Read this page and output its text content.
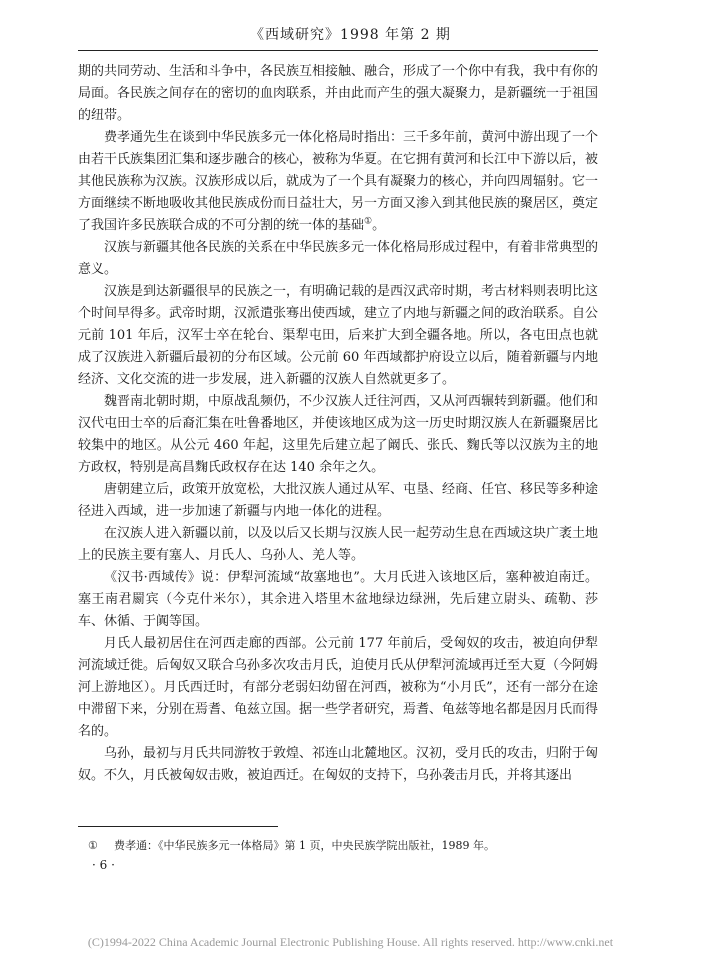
《西域研究》1998 年第 2 期

期的共同劳动、生活和斗争中，各民族互相接触、融合，形成了一个你中有我，我中有你的局面。各民族之间存在的密切的血肉联系，并由此而产生的强大凝聚力，是新疆统一于祖国的纽带。

费孝通先生在谈到中华民族多元一体化格局时指出：三千多年前，黄河中游出现了一个由若干氏族集团汇集和逐步融合的核心，被称为华夏。在它拥有黄河和长江中下游以后，被其他民族称为汉族。汉族形成以后，就成为了一个具有凝聚力的核心，并向四周辐射。它一方面继续不断地吸收其他民族成份而日益壮大，另一方面又渗入到其他民族的聚居区，奠定了我国许多民族联合成的不可分割的统一体的基础①。

汉族与新疆其他各民族的关系在中华民族多元一体化格局形成过程中，有着非常典型的意义。

汉族是到达新疆很早的民族之一，有明确记载的是西汉武帝时期，考古材料则表明比这个时间早得多。武帝时期，汉派遣张骞出使西域，建立了内地与新疆之间的政治联系。自公元前 101 年后，汉军士卒在轮台、渠犁屯田，后来扩大到全疆各地。所以，各屯田点也就成了汉族进入新疆后最初的分布区域。公元前 60 年西域都护府设立以后，随着新疆与内地经济、文化交流的进一步发展，进入新疆的汉族人自然就更多了。

魏晋南北朝时期，中原战乱频仍，不少汉族人迁往河西，又从河西辗转到新疆。他们和汉代屯田士卒的后裔汇集在吐鲁番地区，并使该地区成为这一历史时期汉族人在新疆聚居比较集中的地区。从公元 460 年起，这里先后建立起了阚氏、张氏、麴氏等以汉族为主的地方政权，特别是高昌麴氏政权存在达 140 余年之久。

唐朝建立后，政策开放宽松，大批汉族人通过从军、屯垦、经商、任官、移民等多种途径进入西域，进一步加速了新疆与内地一体化的进程。

在汉族人进入新疆以前，以及以后又长期与汉族人民一起劳动生息在西域这块广袤土地上的民族主要有塞人、月氏人、乌孙人、羌人等。

《汉书·西域传》说：伊犁河流域“故塞地也”。大月氏进入该地区后，塞种被迫南迁。塞王南君罽宾（今克什米尔），其余进入塔里木盆地绿边绿洲，先后建立尉头、疏勒、莎车、休循、于阗等国。

月氏人最初居住在河西走廊的西部。公元前 177 年前后，受匈奴的攻击，被迫向伊犁河流域迁徙。后匈奴又联合乌孙多次攻击月氏，迫使月氏从伊犁河流域再迁至大夏（今阿姆河上游地区）。月氏西迁时，有部分老弱妇幼留在河西，被称为“小月氏”，还有一部分在途中滞留下来，分别在焉耆、龟兹立国。据一些学者研究，焉耆、龟兹等地名都是因月氏而得名的。

乌孙，最初与月氏共同游牧于敦煌、祁连山北麓地区。汉初，受月氏的攻击，归附于匈奴。不久，月氏被匈奴击败，被迫西迁。在匈奴的支持下，乌孙袭击月氏，并将其逐出

① 费孝通：《中华民族多元一体格局》第 1 页，中央民族学院出版社，1989 年。
· 6 ·
(C)1994-2022 China Academic Journal Electronic Publishing House. All rights reserved. http://www.cnki.net
